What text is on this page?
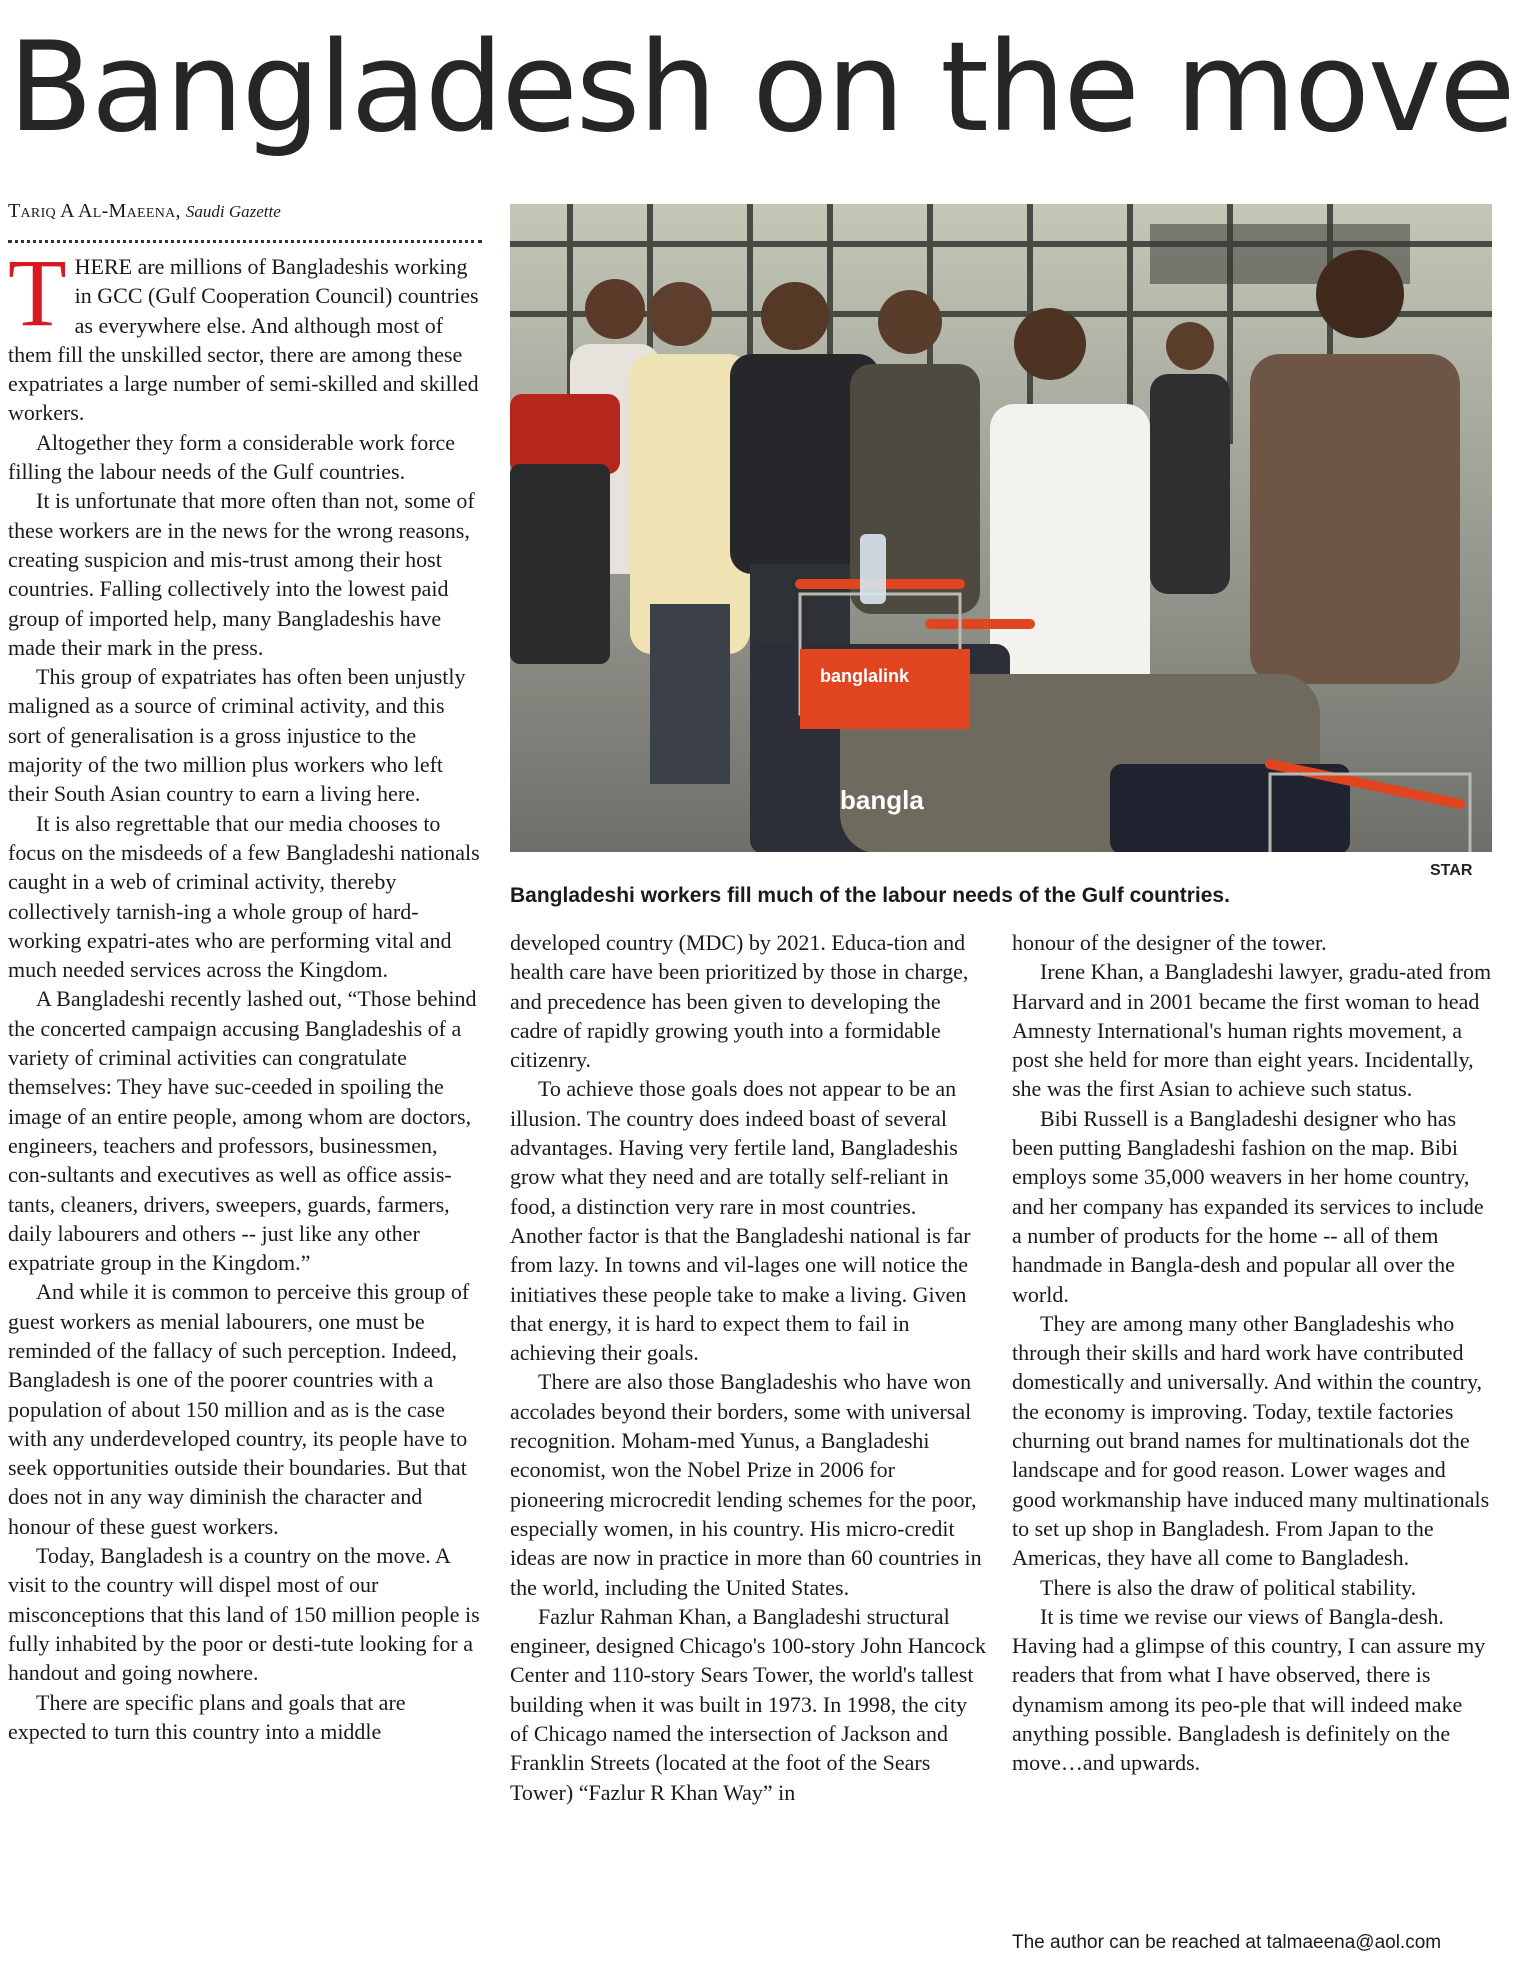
Bangladesh on the move
Tariq A Al-Maeena, Saudi Gazette
T HERE are millions of Bangladeshis working in GCC (Gulf Cooperation Council) countries as everywhere else. And although most of them fill the unskilled sector, there are among these expatriates a large number of semi-skilled and skilled workers.

Altogether they form a considerable work force filling the labour needs of the Gulf countries.

It is unfortunate that more often than not, some of these workers are in the news for the wrong reasons, creating suspicion and mis-trust among their host countries. Falling collectively into the lowest paid group of imported help, many Bangladeshis have made their mark in the press.

This group of expatriates has often been unjustly maligned as a source of criminal activity, and this sort of generalisation is a gross injustice to the majority of the two million plus workers who left their South Asian country to earn a living here.

It is also regrettable that our media chooses to focus on the misdeeds of a few Bangladeshi nationals caught in a web of criminal activity, thereby collectively tarnish-ing a whole group of hard-working expatri-ates who are performing vital and much needed services across the Kingdom.

A Bangladeshi recently lashed out, “Those behind the concerted campaign accusing Bangladeshis of a variety of criminal activities can congratulate themselves: They have suc-ceeded in spoiling the image of an entire people, among whom are doctors, engineers, teachers and professors, businessmen, con-sultants and executives as well as office assis-tants, cleaners, drivers, sweepers, guards, farmers, daily labourers and others -- just like any other expatriate group in the Kingdom.”

And while it is common to perceive this group of guest workers as menial labourers, one must be reminded of the fallacy of such perception. Indeed, Bangladesh is one of the poorer countries with a population of about 150 million and as is the case with any underdeveloped country, its people have to seek opportunities outside their boundaries. But that does not in any way diminish the character and honour of these guest workers.

Today, Bangladesh is a country on the move. A visit to the country will dispel most of our misconceptions that this land of 150 million people is fully inhabited by the poor or desti-tute looking for a handout and going nowhere.

There are specific plans and goals that are expected to turn this country into a middle

banglalink
bangla
STAR
Bangladeshi workers fill much of the labour needs of the Gulf countries.

developed country (MDC) by 2021. Educa-tion and health care have been prioritized by those in charge, and precedence has been given to developing the cadre of rapidly growing youth into a formidable citizenry.

To achieve those goals does not appear to be an illusion. The country does indeed boast of several advantages. Having very fertile land, Bangladeshis grow what they need and are totally self-reliant in food, a distinction very rare in most countries. Another factor is that the Bangladeshi national is far from lazy. In towns and vil-lages one will notice the initiatives these people take to make a living. Given that energy, it is hard to expect them to fail in achieving their goals.

There are also those Bangladeshis who have won accolades beyond their borders, some with universal recognition. Moham-med Yunus, a Bangladeshi economist, won the Nobel Prize in 2006 for pioneering microcredit lending schemes for the poor, especially women, in his country. His micro-credit ideas are now in practice in more than 60 countries in the world, including the United States.

Fazlur Rahman Khan, a Bangladeshi structural engineer, designed Chicago's 100-story John Hancock Center and 110-story Sears Tower, the world's tallest building when it was built in 1973. In 1998, the city of Chicago named the intersection of Jackson and Franklin Streets (located at the foot of the Sears Tower) “Fazlur R Khan Way” in

honour of the designer of the tower.

Irene Khan, a Bangladeshi lawyer, gradu-ated from Harvard and in 2001 became the first woman to head Amnesty International's human rights movement, a post she held for more than eight years. Incidentally, she was the first Asian to achieve such status.

Bibi Russell is a Bangladeshi designer who has been putting Bangladeshi fashion on the map. Bibi employs some 35,000 weavers in her home country, and her company has expanded its services to include a number of products for the home -- all of them handmade in Bangla-desh and popular all over the world.

They are among many other Bangladeshis who through their skills and hard work have contributed domestically and universally. And within the country, the economy is improving. Today, textile factories churning out brand names for multinationals dot the landscape and for good reason. Lower wages and good workmanship have induced many multinationals to set up shop in Bangladesh. From Japan to the Americas, they have all come to Bangladesh.

There is also the draw of political stability.

It is time we revise our views of Bangla-desh. Having had a glimpse of this country, I can assure my readers that from what I have observed, there is dynamism among its peo-ple that will indeed make anything possible. Bangladesh is definitely on the move…and upwards.

The author can be reached at talmaeena@aol.com
